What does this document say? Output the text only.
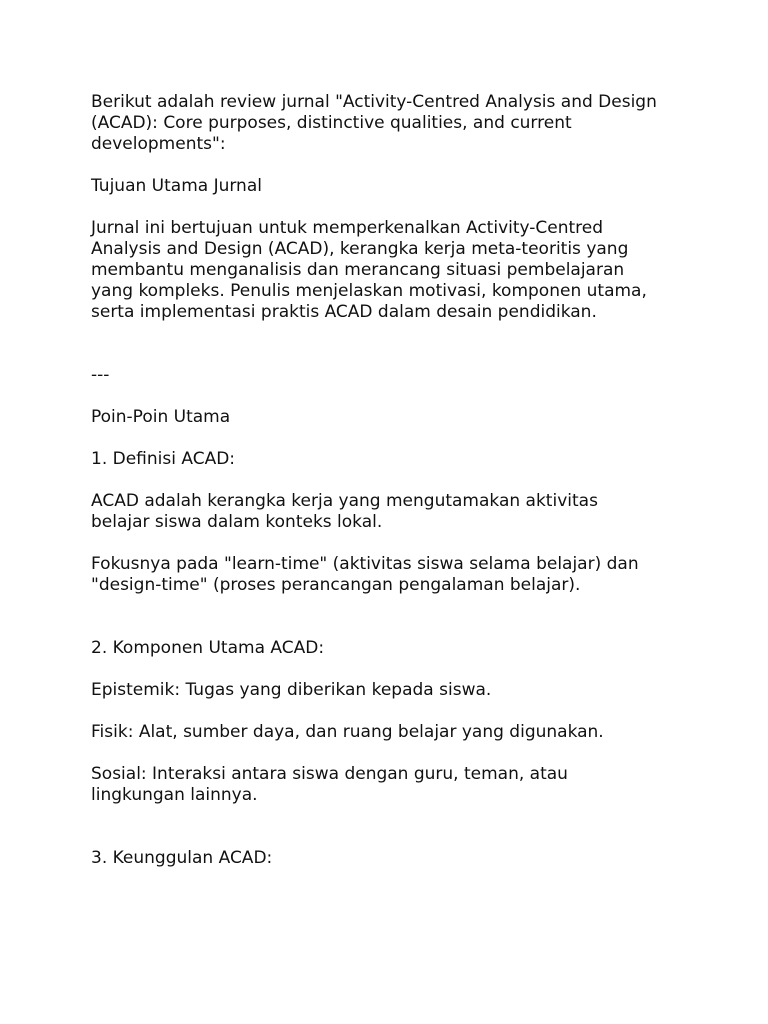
Berikut adalah review jurnal "Activity-Centred Analysis and Design
(ACAD): Core purposes, distinctive qualities, and current
developments":

Tujuan Utama Jurnal

Jurnal ini bertujuan untuk memperkenalkan Activity-Centred
Analysis and Design (ACAD), kerangka kerja meta-teoritis yang
membantu menganalisis dan merancang situasi pembelajaran
yang kompleks. Penulis menjelaskan motivasi, komponen utama,
serta implementasi praktis ACAD dalam desain pendidikan.

---

Poin-Poin Utama

1. Definisi ACAD:

ACAD adalah kerangka kerja yang mengutamakan aktivitas
belajar siswa dalam konteks lokal.

Fokusnya pada "learn-time" (aktivitas siswa selama belajar) dan
"design-time" (proses perancangan pengalaman belajar).

2. Komponen Utama ACAD:

Epistemik: Tugas yang diberikan kepada siswa.

Fisik: Alat, sumber daya, dan ruang belajar yang digunakan.

Sosial: Interaksi antara siswa dengan guru, teman, atau
lingkungan lainnya.

3. Keunggulan ACAD:
